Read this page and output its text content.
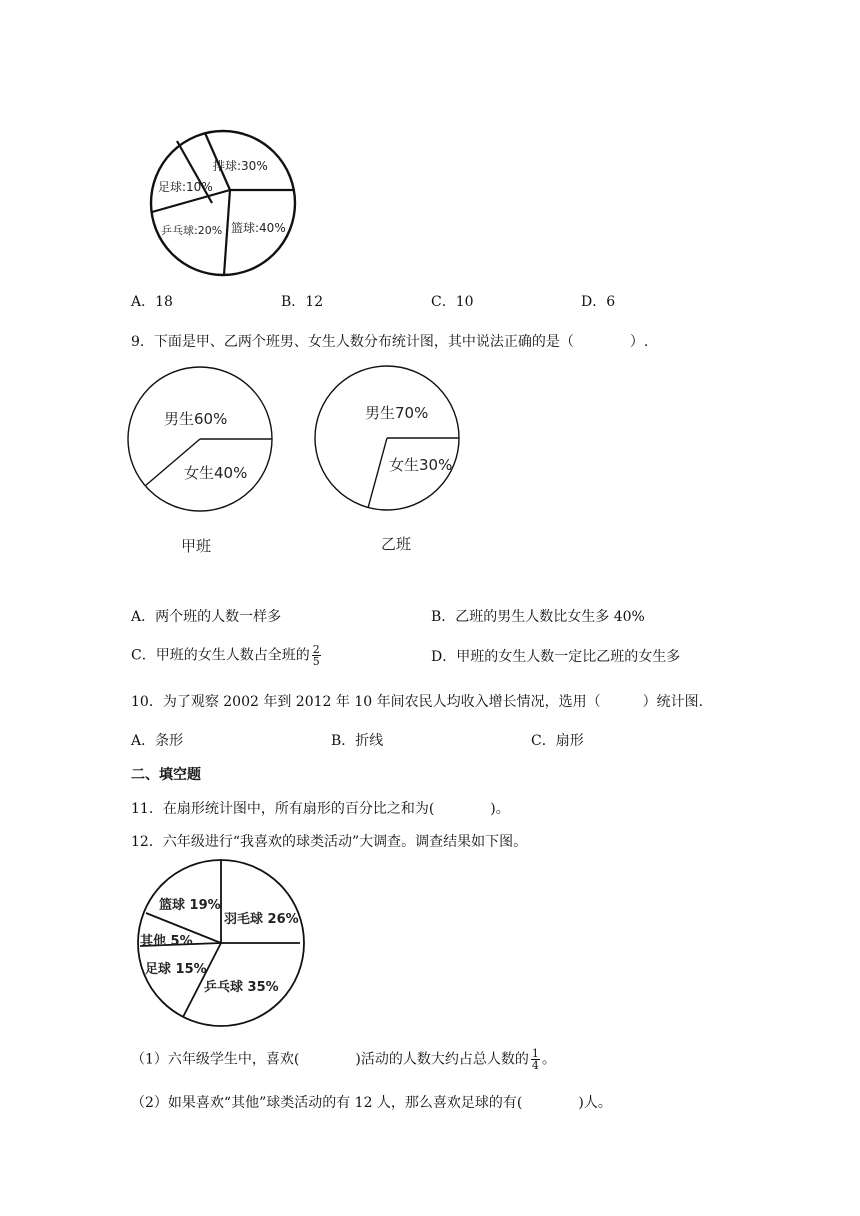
排球:30%
足球:10%
乒乓球:20% 篮球:40%
A．18	B．12	C．10	D．6
9．下面是甲、乙两个班男、女生人数分布统计图，其中说法正确的是（　　　　）.
男生60%
女生40%
甲班
男生70%
女生30%
乙班
A．两个班的人数一样多	B．乙班的男生人数比女生多 40%
C．甲班的女生人数占全班的 $\frac{2}{5}$	D．甲班的女生人数一定比乙班的女生多
10．为了观察 2002 年到 2012 年 10 年间农民人均收入增长情况，选用（　　　）统计图.
A．条形	B．折线	C．扇形
二、填空题
11．在扇形统计图中，所有扇形的百分比之和为(　　　　)。
12．六年级进行“我喜欢的球类活动”大调查。调查结果如下图。
篮球 19%
羽毛球 26%
其他 5%
足球 15%
乒乓球 35%
（1）六年级学生中，喜欢(　　　　)活动的人数大约占总人数的 $\frac{1}{4}$ 。
（2）如果喜欢“其他”球类活动的有 12 人，那么喜欢足球的有(　　　　)人。
